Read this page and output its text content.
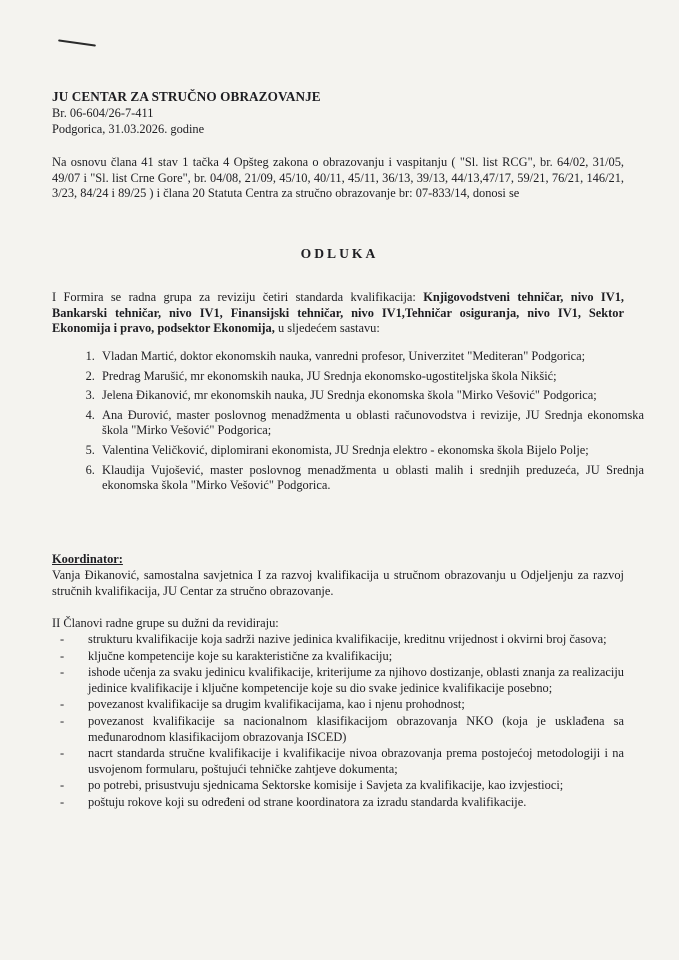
JU CENTAR ZA STRUČNO OBRAZOVANJE
Br. 06-604/26-7-411
Podgorica, 31.03.2026. godine
Na osnovu člana 41 stav 1 tačka 4 Opšteg zakona o obrazovanju i vaspitanju ( "Sl. list RCG", br. 64/02, 31/05, 49/07 i "Sl. list Crne Gore", br. 04/08, 21/09, 45/10, 40/11, 45/11, 36/13, 39/13, 44/13,47/17, 59/21, 76/21, 146/21, 3/23, 84/24 i 89/25 ) i člana 20 Statuta Centra za stručno obrazovanje br: 07-833/14, donosi se
ODLUKA
I Formira se radna grupa za reviziju četiri standarda kvalifikacija: Knjigovodstveni tehničar, nivo IV1, Bankarski tehničar, nivo IV1, Finansijski tehničar, nivo IV1,Tehničar osiguranja, nivo IV1, Sektor Ekonomija i pravo, podsektor Ekonomija, u sljedećem sastavu:
1. Vladan Martić, doktor ekonomskih nauka, vanredni profesor, Univerzitet "Mediteran" Podgorica;
2. Predrag Marušić, mr ekonomskih nauka, JU Srednja ekonomsko-ugostiteljska škola Nikšić;
3. Jelena Đikanović, mr ekonomskih nauka, JU Srednja ekonomska škola "Mirko Vešović" Podgorica;
4. Ana Đurović, master poslovnog menadžmenta u oblasti računovodstva i revizije, JU Srednja ekonomska škola "Mirko Vešović" Podgorica;
5. Valentina Veličković, diplomirani ekonomista, JU Srednja elektro - ekonomska škola Bijelo Polje;
6. Klaudija Vujošević, master poslovnog menadžmenta u oblasti malih i srednjih preduzeća, JU Srednja ekonomska škola "Mirko Vešović" Podgorica.
Koordinator:
Vanja Đikanović, samostalna savjetnica I za razvoj kvalifikacija u stručnom obrazovanju u Odjeljenju za razvoj stručnih kvalifikacija, JU Centar za stručno obrazovanje.
II Članovi radne grupe su dužni da revidiraju:
- strukturu kvalifikacije koja sadrži nazive jedinica kvalifikacije, kreditnu vrijednost i okvirni broj časova;
- ključne kompetencije koje su karakteristične za kvalifikaciju;
- ishode učenja za svaku jedinicu kvalifikacije, kriterijume za njihovo dostizanje, oblasti znanja za realizaciju jedinice kvalifikacije i ključne kompetencije koje su dio svake jedinice kvalifikacije posebno;
- povezanost kvalifikacije sa drugim kvalifikacijama, kao i njenu prohodnost;
- povezanost kvalifikacije sa nacionalnom klasifikacijom obrazovanja NKO (koja je usklađena sa međunarodnom klasifikacijom obrazovanja ISCED)
- nacrt standarda stručne kvalifikacije i kvalifikacije nivoa obrazovanja prema postojećoj metodologiji i na usvojenom formularu, poštujući tehničke zahtjeve dokumenta;
- po potrebi, prisustvuju sjednicama Sektorske komisije i Savjeta za kvalifikacije, kao izvjestioci;
- poštuju rokove koji su određeni od strane koordinatora za izradu standarda kvalifikacije.
